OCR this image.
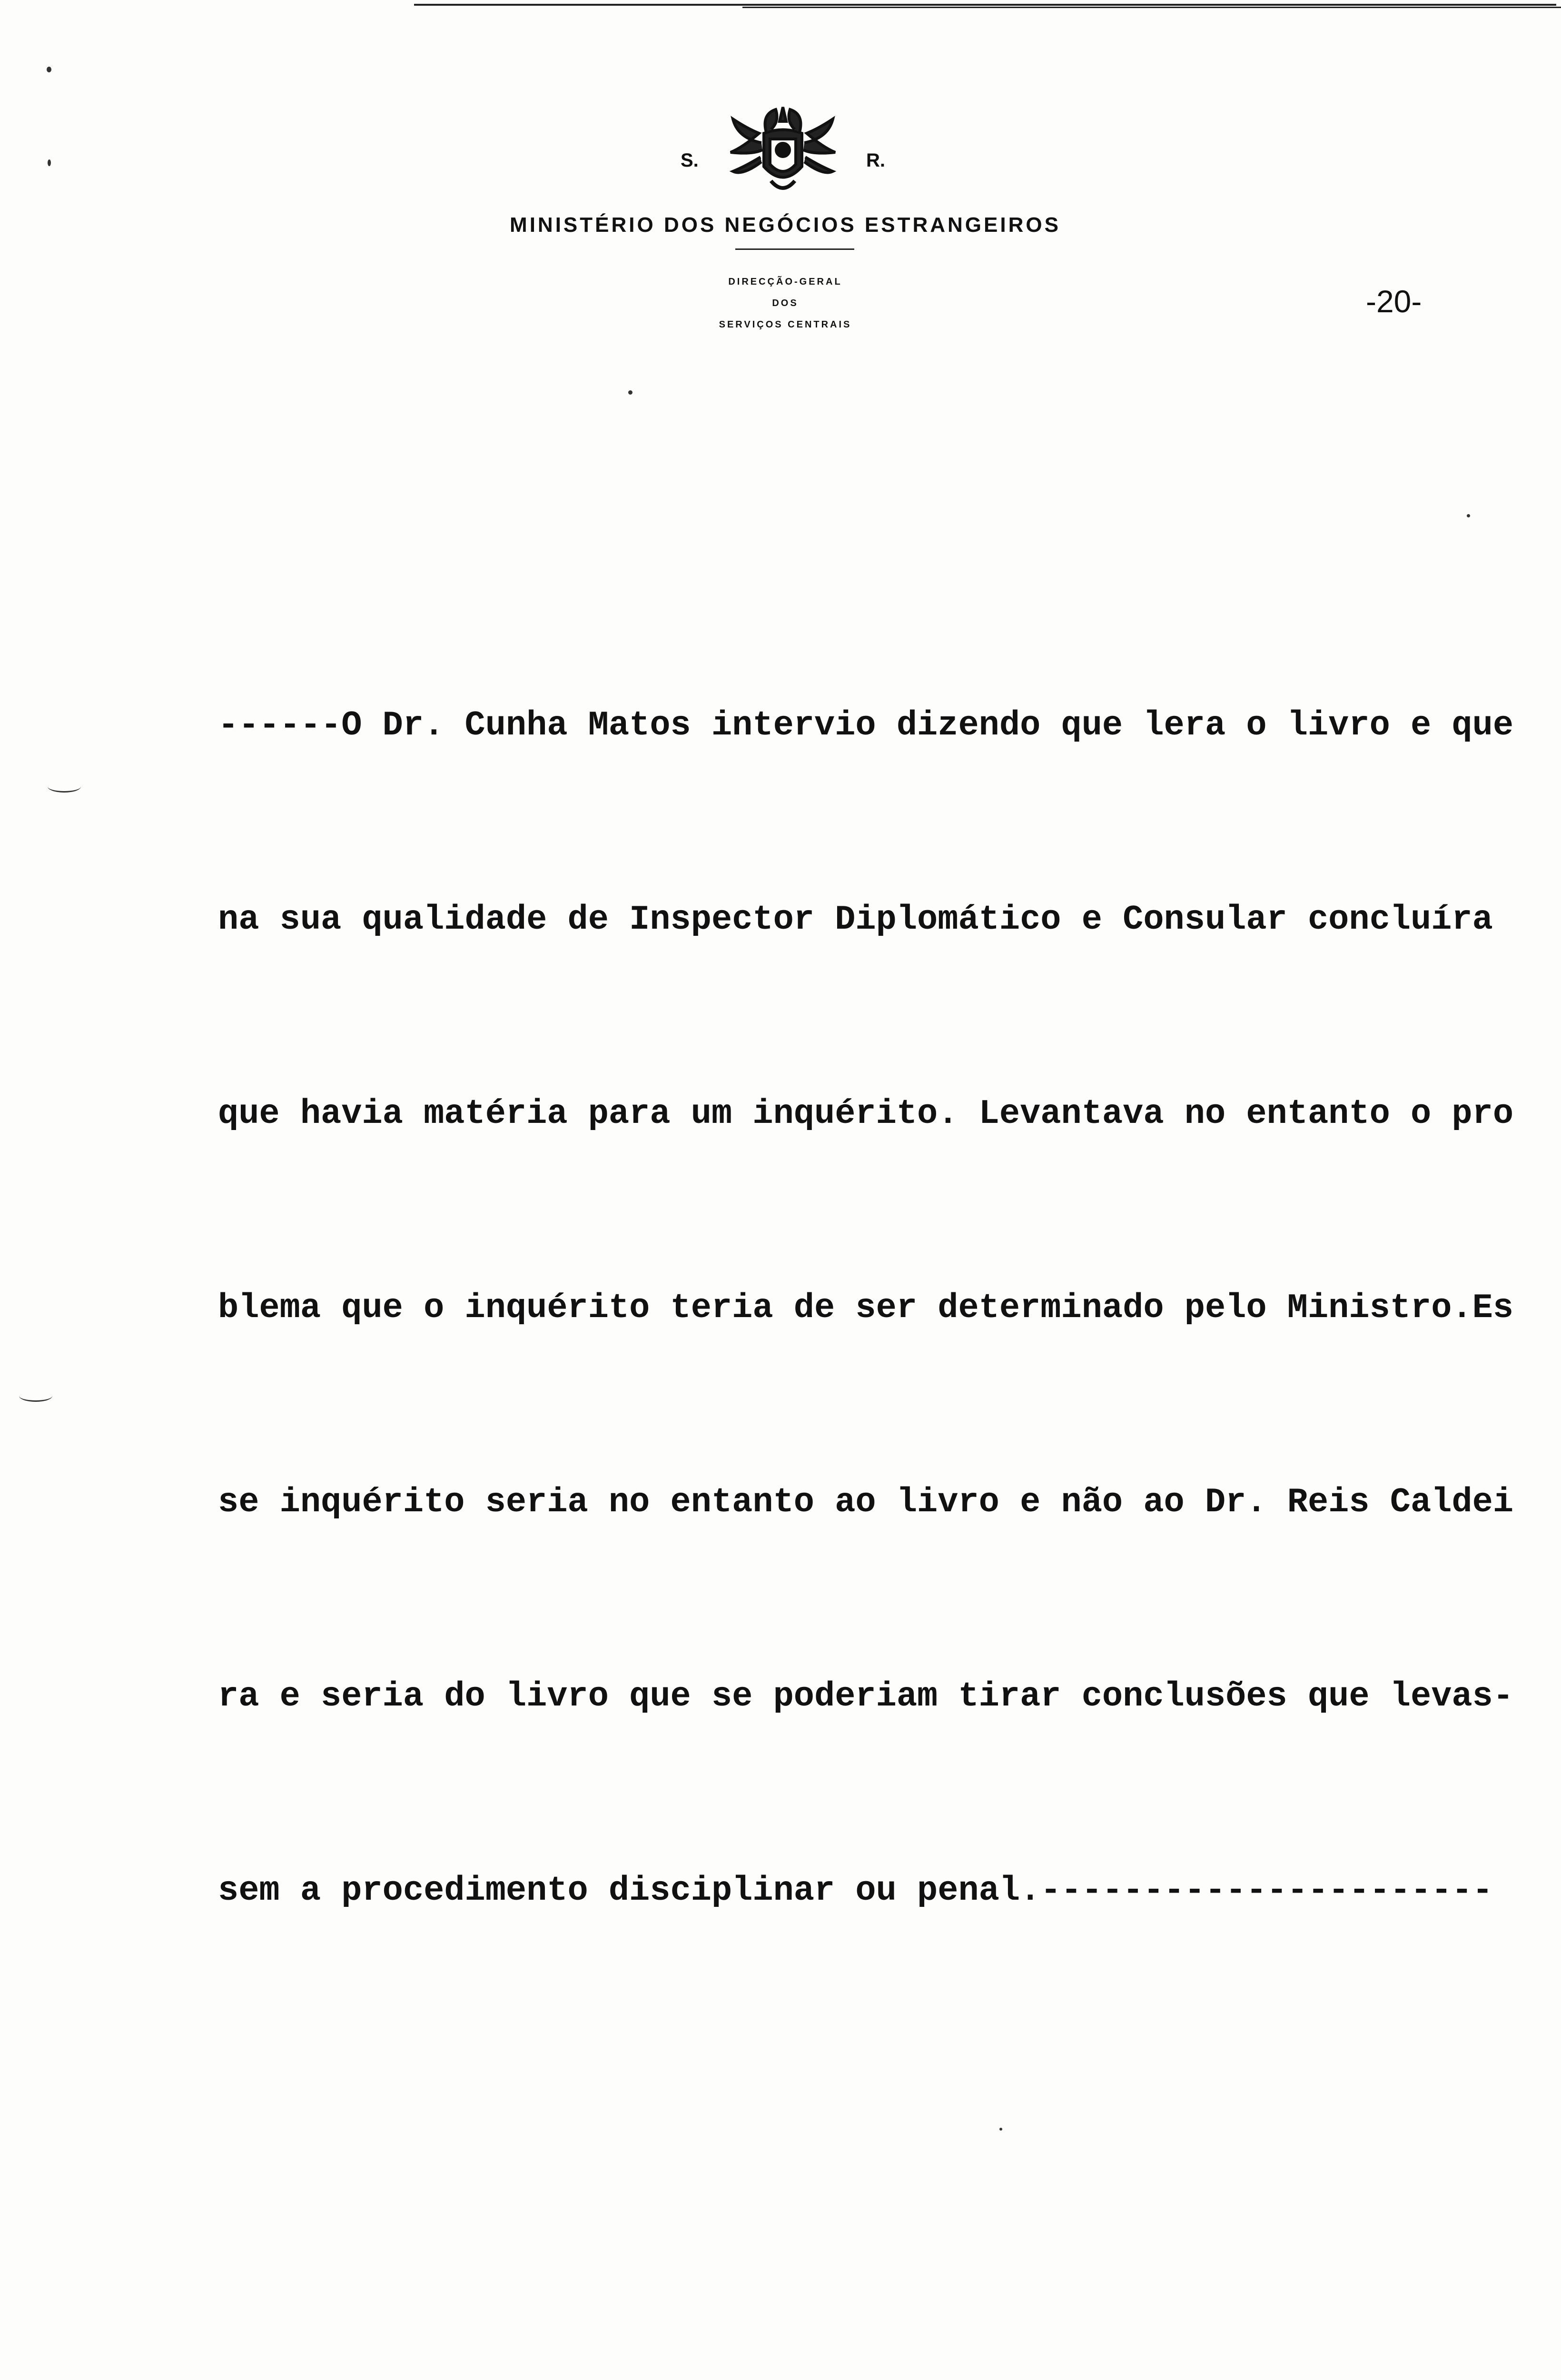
S.	R.
MINISTÉRIO DOS NEGÓCIOS ESTRANGEIROS
DIRECÇÃO-GERAL
DOS
SERVIÇOS CENTRAIS
-20-

------O Dr. Cunha Matos intervio dizendo que lera o livro e que

na sua qualidade de Inspector Diplomático e Consular concluíra

que havia matéria para um inquérito. Levantava no entanto o pro

blema que o inquérito teria de ser determinado pelo Ministro.Es

se inquérito seria no entanto ao livro e não ao Dr. Reis Caldei

ra e seria do livro que se poderiam tirar conclusões que levas-

sem a procedimento disciplinar ou penal.----------------------
